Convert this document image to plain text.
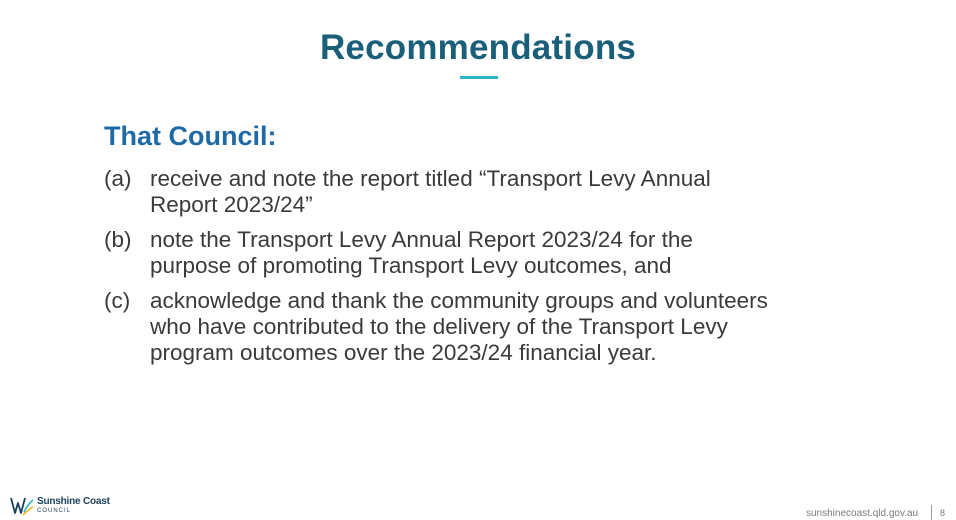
Recommendations
That Council:
(a) receive and note the report titled “Transport Levy Annual
Report 2023/24”
(b) note the Transport Levy Annual Report 2023/24 for the
purpose of promoting Transport Levy outcomes, and
(c) acknowledge and thank the community groups and volunteers
who have contributed to the delivery of the Transport Levy
program outcomes over the 2023/24 financial year.
Sunshine Coast
COUNCIL	sunshinecoast.qld.gov.au 8
